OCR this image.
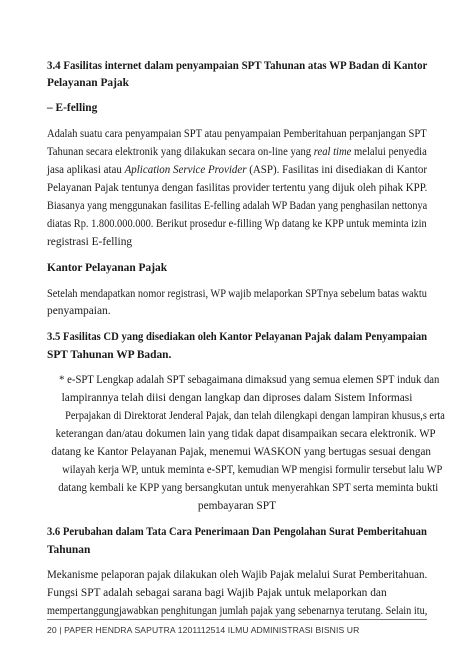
3.4 Fasilitas internet dalam penyampaian SPT Tahunan atas WP Badan di Kantor
Pelayanan Pajak
– E-felling
Adalah suatu cara penyampaian SPT atau penyampaian Pemberitahuan perpanjangan SPT
Tahunan secara elektronik yang dilakukan secara on-line yang real time melalui penyedia
jasa aplikasi atau Aplication Service Provider (ASP). Fasilitas ini disediakan di Kantor
Pelayanan Pajak tentunya dengan fasilitas provider tertentu yang dijuk oleh pihak KPP.
Biasanya yang menggunakan fasilitas E-felling adalah WP Badan yang penghasilan nettonya
diatas Rp. 1.800.000.000. Berikut prosedur e-filling Wp datang ke KPP untuk meminta izin
registrasi E-felling
Kantor Pelayanan Pajak
Setelah mendapatkan nomor registrasi, WP wajib melaporkan SPTnya sebelum batas waktu
penyampaian.
3.5 Fasilitas CD yang disediakan oleh Kantor Pelayanan Pajak dalam Penyampaian
SPT Tahunan WP Badan.
* e-SPT Lengkap adalah SPT sebagaimana dimaksud yang semua elemen SPT induk dan
lampirannya telah diisi dengan langkap dan diproses dalam Sistem Informasi
Perpajakan di Direktorat Jenderal Pajak, dan telah dilengkapi dengan lampiran khusus,s erta
keterangan dan/atau dokumen lain yang tidak dapat disampaikan secara elektronik. WP
datang ke Kantor Pelayanan Pajak, menemui WASKON yang bertugas sesuai dengan
wilayah kerja WP, untuk meminta e-SPT, kemudian WP mengisi formulir tersebut lalu WP
datang kembali ke KPP yang bersangkutan untuk menyerahkan SPT serta meminta bukti
pembayaran SPT
3.6 Perubahan dalam Tata Cara Penerimaan Dan Pengolahan Surat Pemberitahuan
Tahunan
Mekanisme pelaporan pajak dilakukan oleh Wajib Pajak melalui Surat Pemberitahuan.
Fungsi SPT adalah sebagai sarana bagi Wajib Pajak untuk melaporkan dan
mempertanggungjawabkan penghitungan jumlah pajak yang sebenarnya terutang. Selain itu,
20 | PAPER HENDRA SAPUTRA 1201112514 ILMU ADMINISTRASI BISNIS UR
